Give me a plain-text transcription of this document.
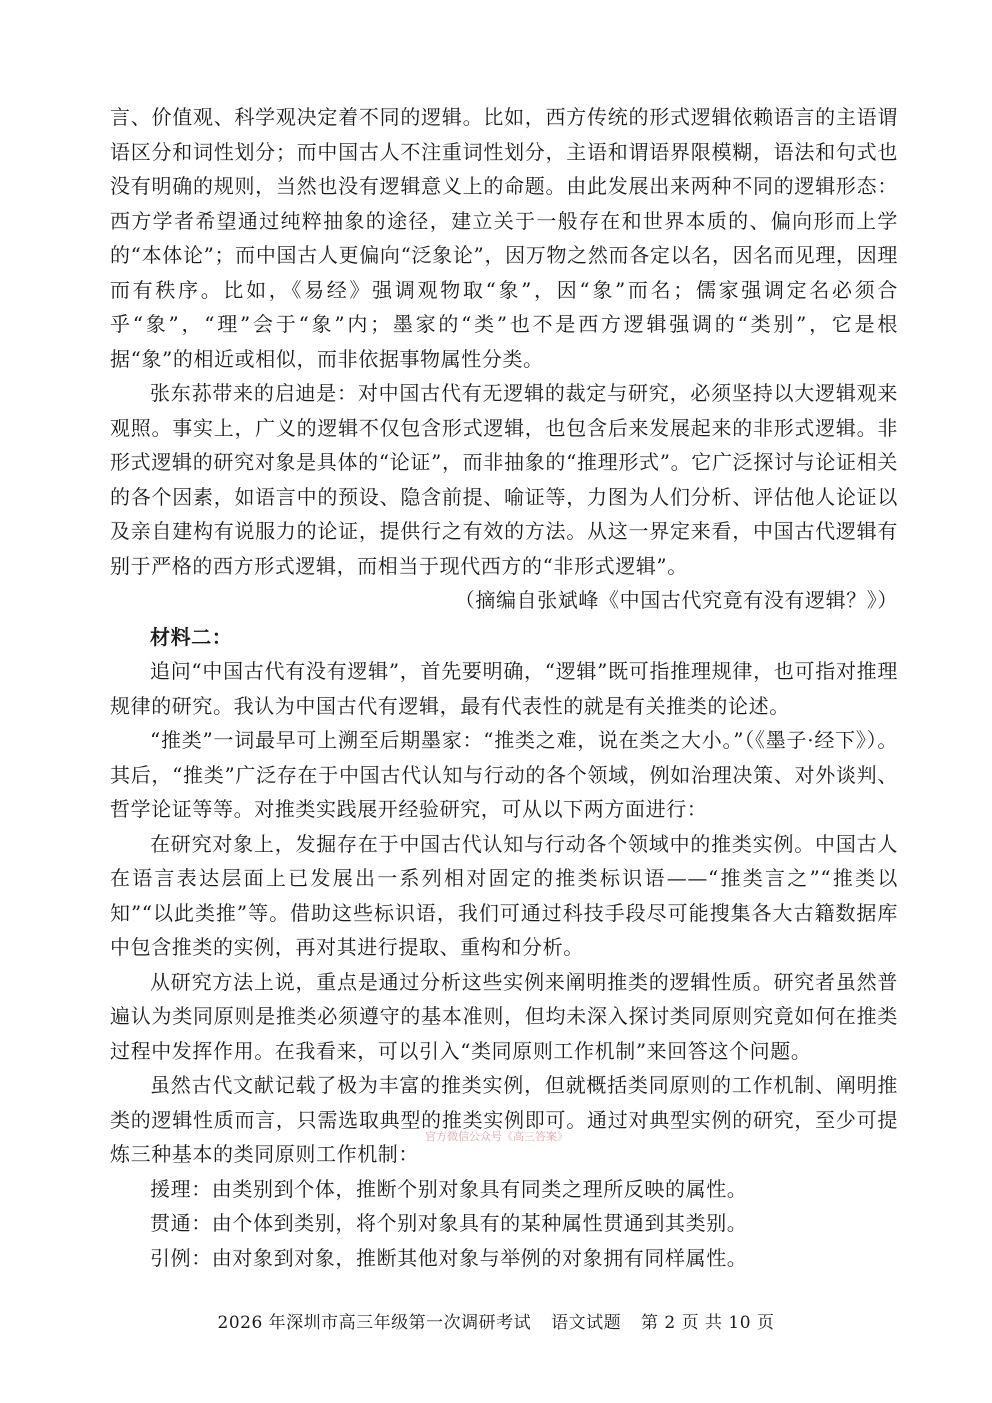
言、价值观、科学观决定着不同的逻辑。比如，西方传统的形式逻辑依赖语言的主语谓语区分和词性划分；而中国古人不注重词性划分，主语和谓语界限模糊，语法和句式也没有明确的规则，当然也没有逻辑意义上的命题。由此发展出来两种不同的逻辑形态：西方学者希望通过纯粹抽象的途径，建立关于一般存在和世界本质的、偏向形而上学的“本体论”；而中国古人更偏向“泛象论”，因万物之然而各定以名，因名而见理，因理而有秩序。比如，《易经》强调观物取“象”，因“象”而名；儒家强调定名必须合乎“象”，“理”会于“象”内；墨家的“类”也不是西方逻辑强调的“类别”，它是根据“象”的相近或相似，而非依据事物属性分类。

张东荪带来的启迪是：对中国古代有无逻辑的裁定与研究，必须坚持以大逻辑观来观照。事实上，广义的逻辑不仅包含形式逻辑，也包含后来发展起来的非形式逻辑。非形式逻辑的研究对象是具体的“论证”，而非抽象的“推理形式”。它广泛探讨与论证相关的各个因素，如语言中的预设、隐含前提、喻证等，力图为人们分析、评估他人论证以及亲自建构有说服力的论证，提供行之有效的方法。从这一界定来看，中国古代逻辑有别于严格的西方形式逻辑，而相当于现代西方的“非形式逻辑”。

（摘编自张斌峰《中国古代究竟有没有逻辑？》）

材料二：

追问“中国古代有没有逻辑”，首先要明确，“逻辑”既可指推理规律，也可指对推理规律的研究。我认为中国古代有逻辑，最有代表性的就是有关推类的论述。

“推类”一词最早可上溯至后期墨家：“推类之难，说在类之大小。”（《墨子·经下》）。其后，“推类”广泛存在于中国古代认知与行动的各个领域，例如治理决策、对外谈判、哲学论证等等。对推类实践展开经验研究，可从以下两方面进行：

在研究对象上，发掘存在于中国古代认知与行动各个领域中的推类实例。中国古人在语言表达层面上已发展出一系列相对固定的推类标识语——“推类言之”“推类以知”“以此类推”等。借助这些标识语，我们可通过科技手段尽可能搜集各大古籍数据库中包含推类的实例，再对其进行提取、重构和分析。

从研究方法上说，重点是通过分析这些实例来阐明推类的逻辑性质。研究者虽然普遍认为类同原则是推类必须遵守的基本准则，但均未深入探讨类同原则究竟如何在推类过程中发挥作用。在我看来，可以引入“类同原则工作机制”来回答这个问题。

虽然古代文献记载了极为丰富的推类实例，但就概括类同原则的工作机制、阐明推类的逻辑性质而言，只需选取典型的推类实例即可。通过对典型实例的研究，至少可提炼三种基本的类同原则工作机制：

援理：由类别到个体，推断个别对象具有同类之理所反映的属性。

贯通：由个体到类别，将个别对象具有的某种属性贯通到其类别。

引例：由对象到对象，推断其他对象与举例的对象拥有同样属性。

官方微信公众号《高三答案》
2026 年深圳市高三年级第一次调研考试 语文试题 第 2 页 共 10 页
